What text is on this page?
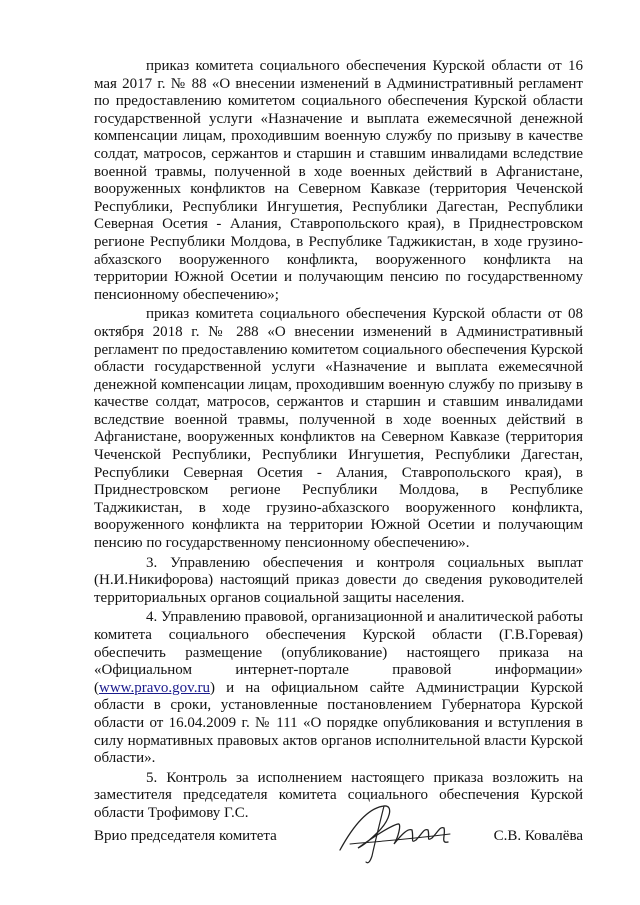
приказ комитета социального обеспечения Курской области от 16 мая 2017 г. № 88 «О внесении изменений в Административный регламент по предоставлению комитетом социального обеспечения Курской области государственной услуги «Назначение и выплата ежемесячной денежной компенсации лицам, проходившим военную службу по призыву в качестве солдат, матросов, сержантов и старшин и ставшим инвалидами вследствие военной травмы, полученной в ходе военных действий в Афганистане, вооруженных конфликтов на Северном Кавказе (территория Чеченской Республики, Республики Ингушетия, Республики Дагестан, Республики Северная Осетия - Алания, Ставропольского края), в Приднестровском регионе Республики Молдова, в Республике Таджикистан, в ходе грузино-абхазского вооруженного конфликта, вооруженного конфликта на территории Южной Осетии и получающим пенсию по государственному пенсионному обеспечению»;

приказ комитета социального обеспечения Курской области от 08 октября 2018 г. № 288 «О внесении изменений в Административный регламент по предоставлению комитетом социального обеспечения Курской области государственной услуги «Назначение и выплата ежемесячной денежной компенсации лицам, проходившим военную службу по призыву в качестве солдат, матросов, сержантов и старшин и ставшим инвалидами вследствие военной травмы, полученной в ходе военных действий в Афганистане, вооруженных конфликтов на Северном Кавказе (территория Чеченской Республики, Республики Ингушетия, Республики Дагестан, Республики Северная Осетия - Алания, Ставропольского края), в Приднестровском регионе Республики Молдова, в Республике Таджикистан, в ходе грузино-абхазского вооруженного конфликта, вооруженного конфликта на территории Южной Осетии и получающим пенсию по государственному пенсионному обеспечению».

3. Управлению обеспечения и контроля социальных выплат (Н.И.Никифорова) настоящий приказ довести до сведения руководителей территориальных органов социальной защиты населения.

4. Управлению правовой, организационной и аналитической работы комитета социального обеспечения Курской области (Г.В.Горевая) обеспечить размещение (опубликование) настоящего приказа на «Официальном интернет-портале правовой информации» (www.pravo.gov.ru) и на официальном сайте Администрации Курской области в сроки, установленные постановлением Губернатора Курской области от 16.04.2009 г. № 111 «О порядке опубликования и вступления в силу нормативных правовых актов органов исполнительной власти Курской области».

5. Контроль за исполнением настоящего приказа возложить на заместителя председателя комитета социального обеспечения Курской области Трофимову Г.С.

Врио председателя комитета	С.В. Ковалёва
